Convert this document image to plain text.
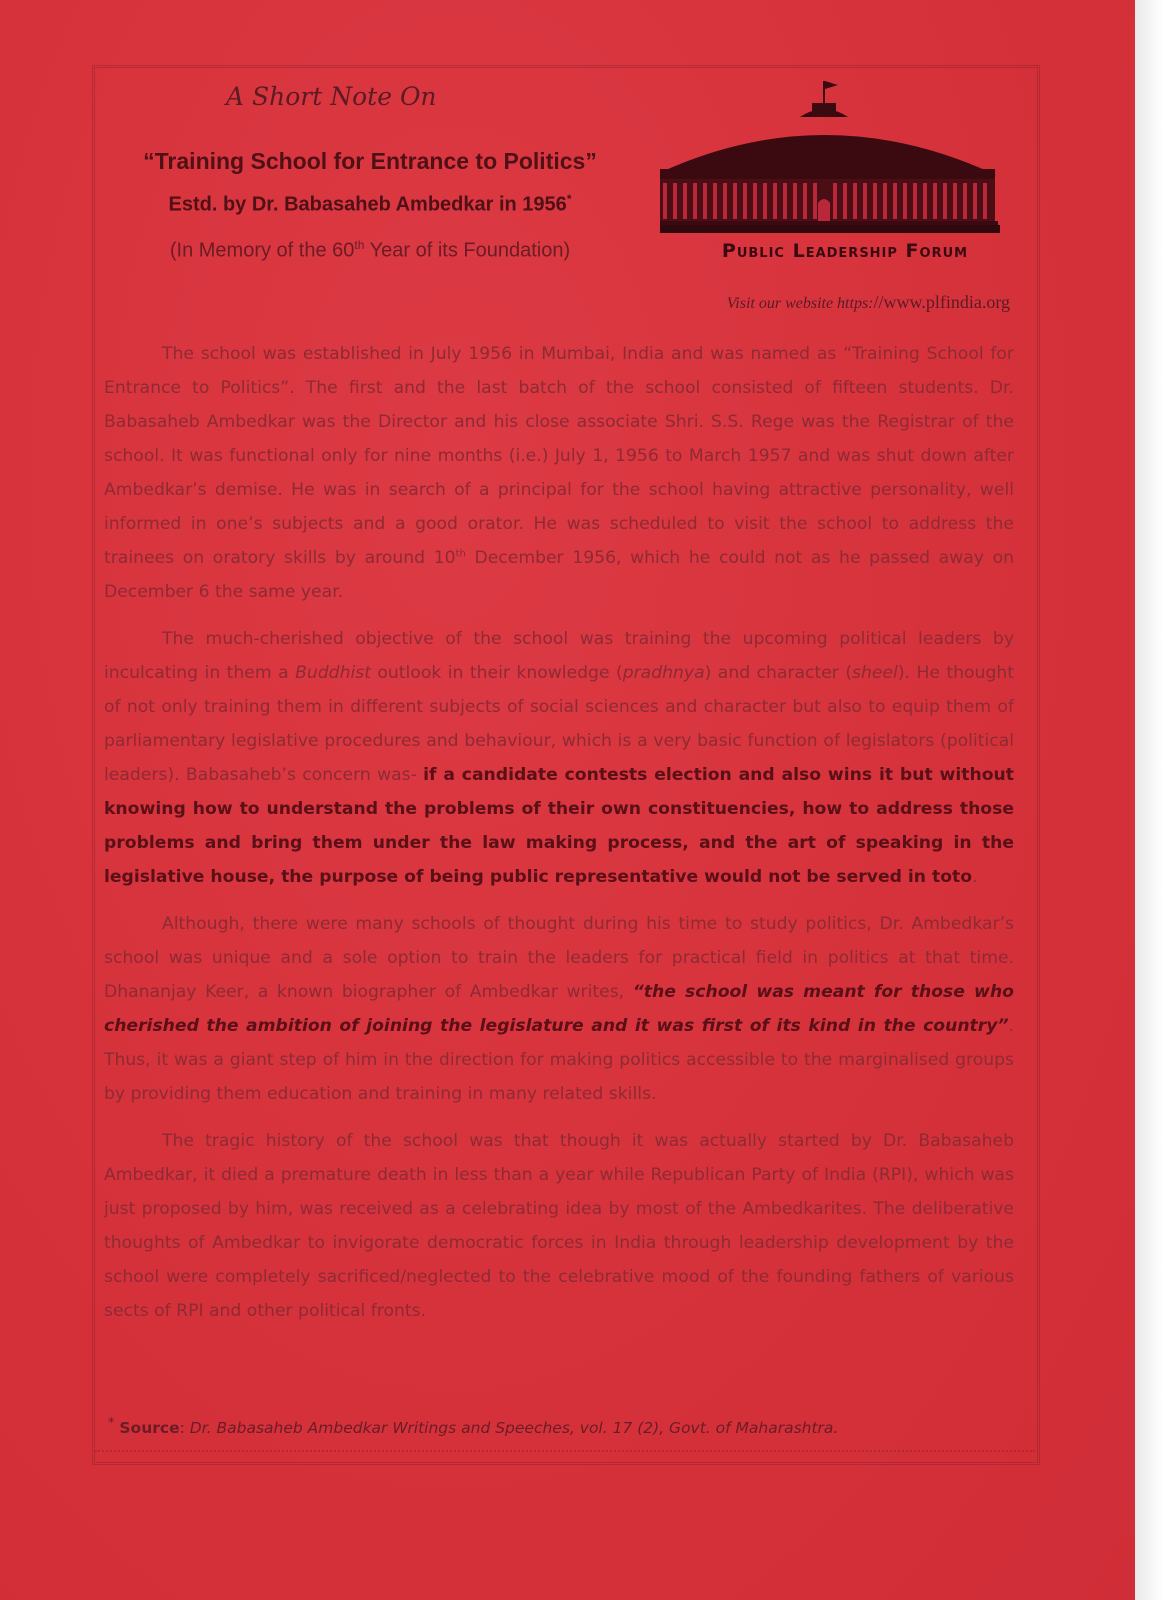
A Short Note On
“Training School for Entrance to Politics”
Estd. by Dr. Babasaheb Ambedkar in 1956*
(In Memory of the 60th Year of its Foundation)	Public Leadership Forum
Visit our website https://www.plfindia.org

The school was established in July 1956 in Mumbai, India and was named as “Training School for Entrance to Politics”. The first and the last batch of the school consisted of fifteen students. Dr. Babasaheb Ambedkar was the Director and his close associate Shri. S.S. Rege was the Registrar of the school. It was functional only for nine months (i.e.) July 1, 1956 to March 1957 and was shut down after Ambedkar’s demise. He was in search of a principal for the school having attractive personality, well informed in one’s subjects and a good orator. He was scheduled to visit the school to address the trainees on oratory skills by around 10th December 1956, which he could not as he passed away on December 6 the same year.

The much-cherished objective of the school was training the upcoming political leaders by inculcating in them a Buddhist outlook in their knowledge (pradhnya) and character (sheel). He thought of not only training them in different subjects of social sciences and character but also to equip them of parliamentary legislative procedures and behaviour, which is a very basic function of legislators (political leaders). Babasaheb’s concern was- if a candidate contests election and also wins it but without knowing how to understand the problems of their own constituencies, how to address those problems and bring them under the law making process, and the art of speaking in the legislative house, the purpose of being public representative would not be served in toto.

Although, there were many schools of thought during his time to study politics, Dr. Ambedkar’s school was unique and a sole option to train the leaders for practical field in politics at that time. Dhananjay Keer, a known biographer of Ambedkar writes, “the school was meant for those who cherished the ambition of joining the legislature and it was first of its kind in the country”. Thus, it was a giant step of him in the direction for making politics accessible to the marginalised groups by providing them education and training in many related skills.

The tragic history of the school was that though it was actually started by Dr. Babasaheb Ambedkar, it died a premature death in less than a year while Republican Party of India (RPI), which was just proposed by him, was received as a celebrating idea by most of the Ambedkarites. The deliberative thoughts of Ambedkar to invigorate democratic forces in India through leadership development by the school were completely sacrificed/neglected to the celebrative mood of the founding fathers of various sects of RPI and other political fronts.

* Source: Dr. Babasaheb Ambedkar Writings and Speeches, vol. 17 (2), Govt. of Maharashtra.
